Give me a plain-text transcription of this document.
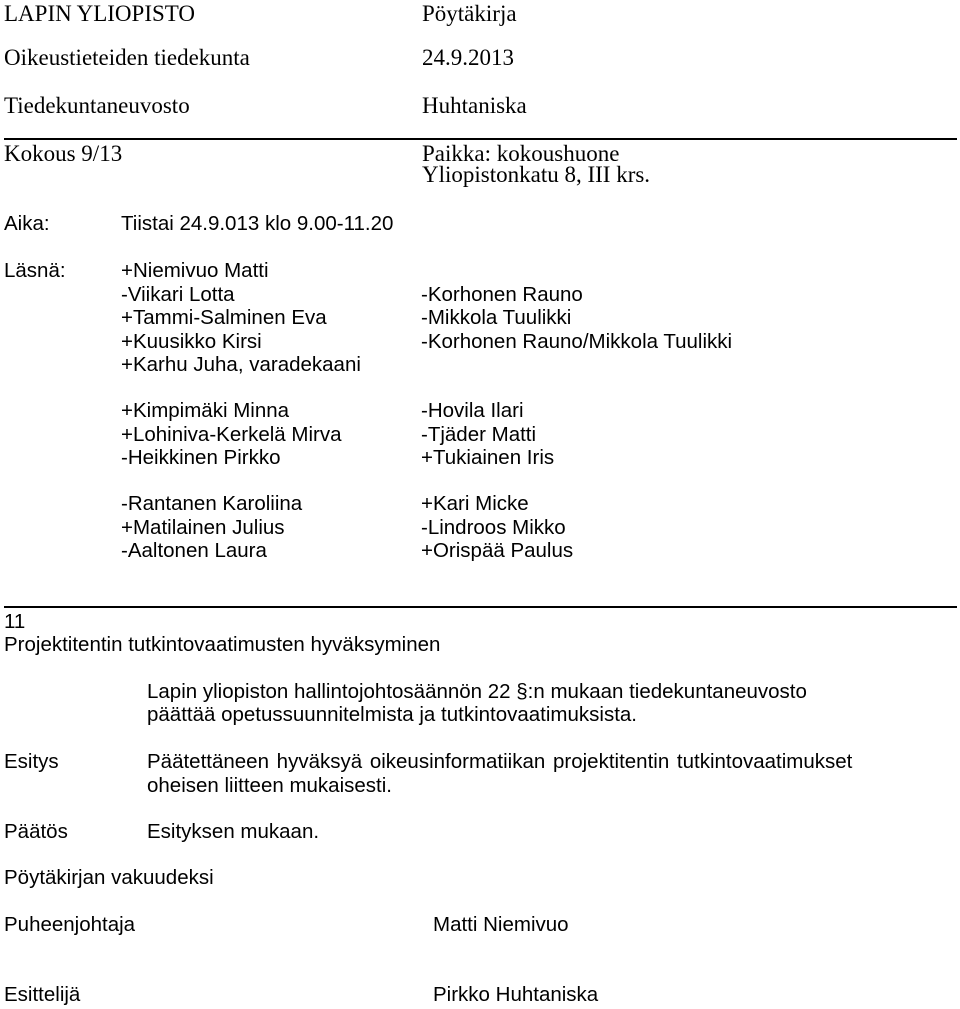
LAPIN YLIOPISTO	Pöytäkirja
Oikeustieteiden tiedekunta	24.9.2013
Tiedekuntaneuvosto	Huhtaniska
Kokous 9/13	Paikka: kokoushuone
Yliopistonkatu 8, III krs.
Aika:	Tiistai 24.9.013 klo 9.00-11.20
Läsnä:	+Niemivuo Matti
-Viikari Lotta	-Korhonen Rauno
+Tammi-Salminen Eva	-Mikkola Tuulikki
+Kuusikko Kirsi	-Korhonen Rauno/Mikkola Tuulikki
+Karhu Juha, varadekaani
+Kimpimäki Minna	-Hovila Ilari
+Lohiniva-Kerkelä Mirva	-Tjäder Matti
-Heikkinen Pirkko	+Tukiainen Iris
-Rantanen Karoliina	+Kari Micke
+Matilainen Julius	-Lindroos Mikko
-Aaltonen Laura	+Orispää Paulus
11
Projektitentin tutkintovaatimusten hyväksyminen
Lapin yliopiston hallintojohtosäännön 22 §:n mukaan tiedekuntaneuvosto
päättää opetussuunnitelmista ja tutkintovaatimuksista.
Esitys	Päätettäneen hyväksyä oikeusinformatiikan projektitentin tutkintovaatimukset
oheisen liitteen mukaisesti.
Päätös	Esityksen mukaan.
Pöytäkirjan vakuudeksi
Puheenjohtaja	Matti Niemivuo
Esittelijä	Pirkko Huhtaniska
